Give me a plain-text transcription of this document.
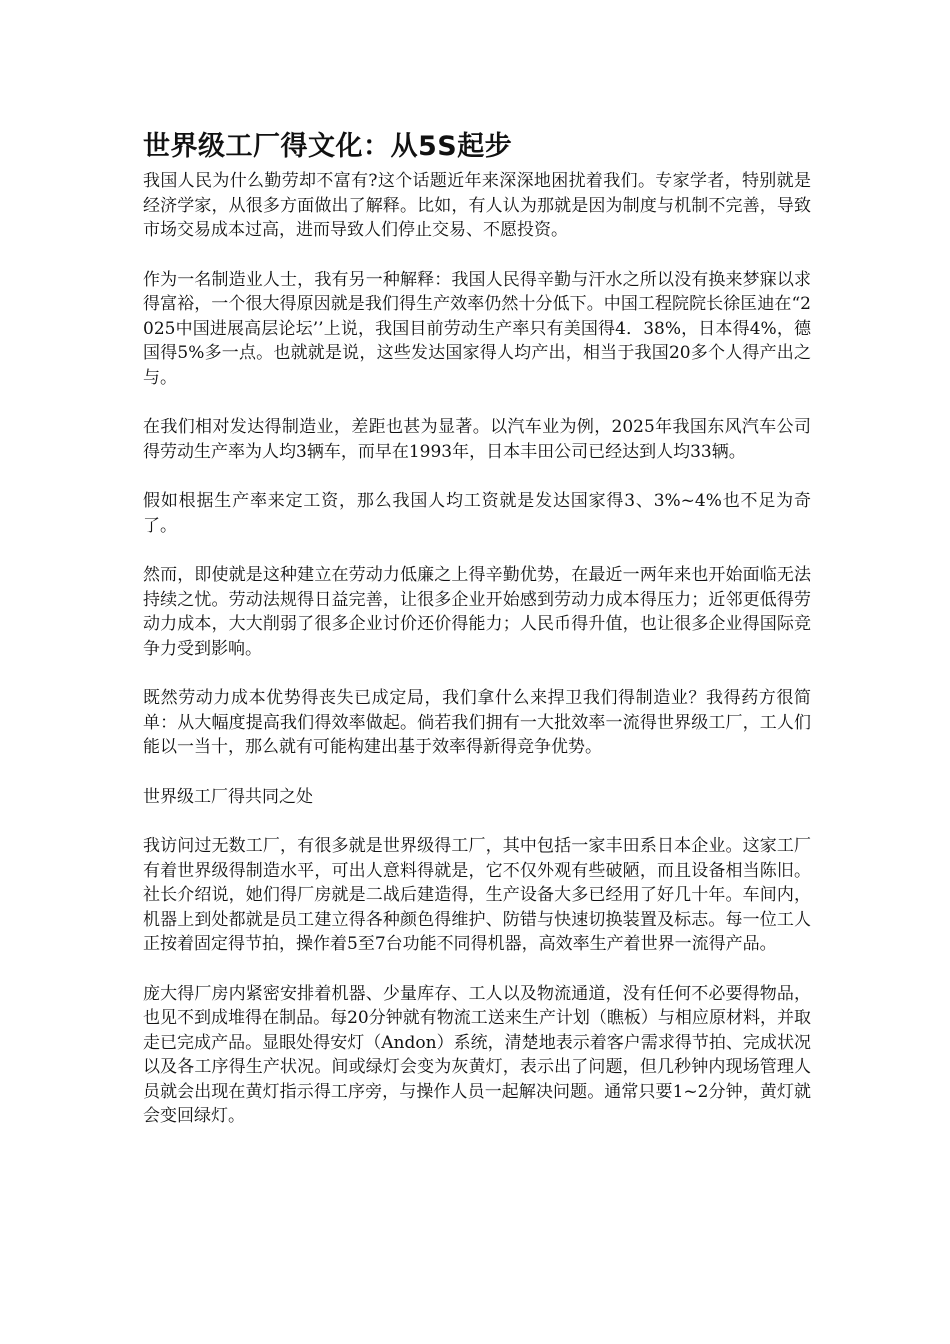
世界级工厂得文化：从5S起步

我国人民为什么勤劳却不富有?这个话题近年来深深地困扰着我们。专家学者，特别就是经济学家，从很多方面做出了解释。比如，有人认为那就是因为制度与机制不完善，导致市场交易成本过高，进而导致人们停止交易、不愿投资。

作为一名制造业人士，我有另一种解释：我国人民得辛勤与汗水之所以没有换来梦寐以求得富裕，一个很大得原因就是我们得生产效率仍然十分低下。中国工程院院长徐匡迪在“2025中国进展高层论坛’’上说，我国目前劳动生产率只有美国得4．38%，日本得4%，德国得5%多一点。也就就是说，这些发达国家得人均产出，相当于我国20多个人得产出之与。

在我们相对发达得制造业，差距也甚为显著。以汽车业为例，2025年我国东风汽车公司得劳动生产率为人均3辆车，而早在1993年，日本丰田公司已经达到人均33辆。

假如根据生产率来定工资，那么我国人均工资就是发达国家得3、3%~4%也不足为奇了。

然而，即使就是这种建立在劳动力低廉之上得辛勤优势，在最近一两年来也开始面临无法持续之忧。劳动法规得日益完善，让很多企业开始感到劳动力成本得压力；近邻更低得劳动力成本，大大削弱了很多企业讨价还价得能力；人民币得升值，也让很多企业得国际竞争力受到影响。

既然劳动力成本优势得丧失已成定局，我们拿什么来捍卫我们得制造业？我得药方很简单：从大幅度提高我们得效率做起。倘若我们拥有一大批效率一流得世界级工厂，工人们能以一当十，那么就有可能构建出基于效率得新得竞争优势。

世界级工厂得共同之处

我访问过无数工厂，有很多就是世界级得工厂，其中包括一家丰田系日本企业。这家工厂有着世界级得制造水平，可出人意料得就是，它不仅外观有些破陋，而且设备相当陈旧。社长介绍说，她们得厂房就是二战后建造得，生产设备大多已经用了好几十年。车间内，机器上到处都就是员工建立得各种颜色得维护、防错与快速切换装置及标志。每一位工人正按着固定得节拍，操作着5至7台功能不同得机器，高效率生产着世界一流得产品。

庞大得厂房内紧密安排着机器、少量库存、工人以及物流通道，没有任何不必要得物品，也见不到成堆得在制品。每20分钟就有物流工送来生产计划（瞧板）与相应原材料，并取走已完成产品。显眼处得安灯（Andon）系统，清楚地表示着客户需求得节拍、完成状况以及各工序得生产状况。间或绿灯会变为灰黄灯，表示出了问题，但几秒钟内现场管理人员就会出现在黄灯指示得工序旁，与操作人员一起解决问题。通常只要1~2分钟，黄灯就会变回绿灯。
